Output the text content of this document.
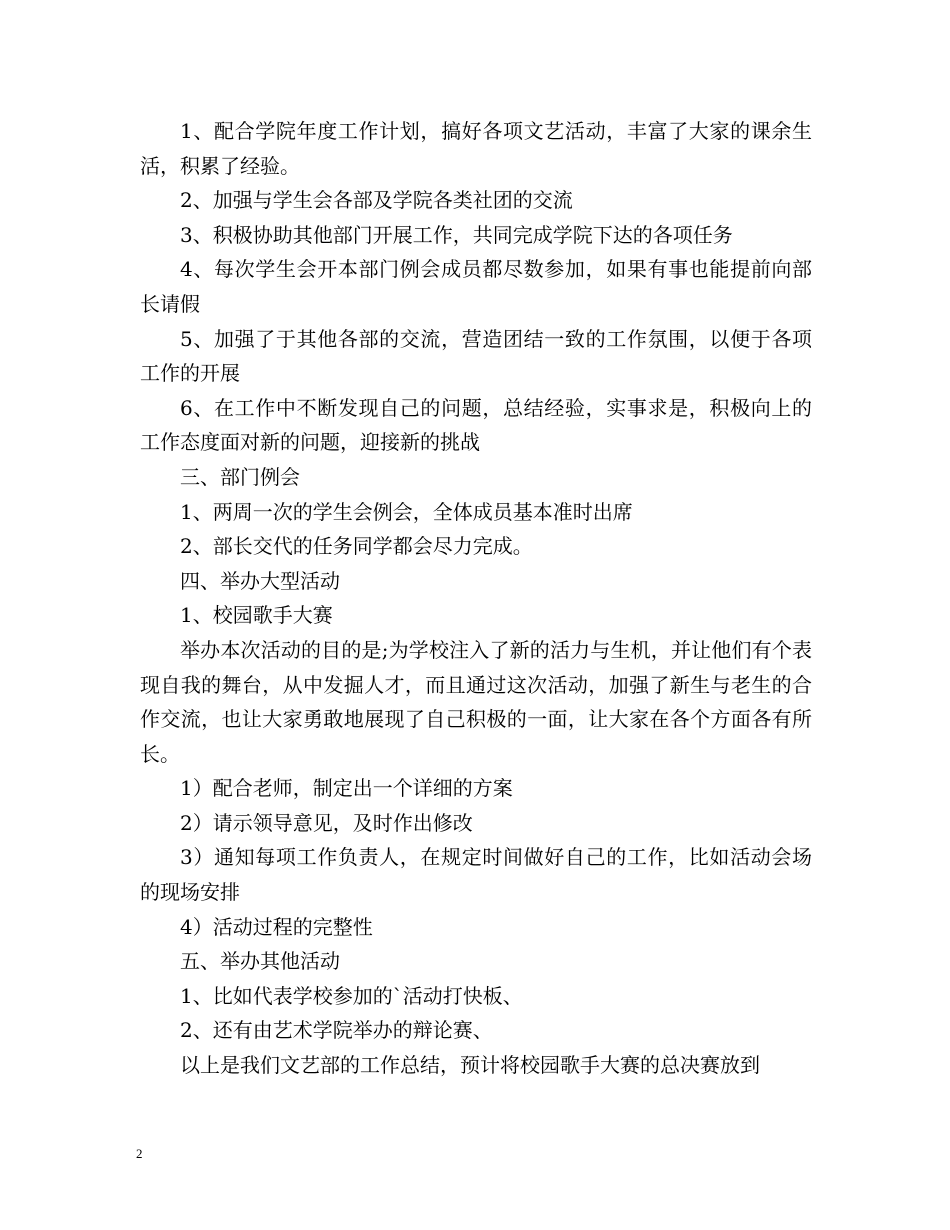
1、配合学院年度工作计划，搞好各项文艺活动，丰富了大家的课余生活，积累了经验。

2、加强与学生会各部及学院各类社团的交流

3、积极协助其他部门开展工作，共同完成学院下达的各项任务

4、每次学生会开本部门例会成员都尽数参加，如果有事也能提前向部长请假

5、加强了于其他各部的交流，营造团结一致的工作氛围，以便于各项工作的开展

6、在工作中不断发现自己的问题，总结经验，实事求是，积极向上的工作态度面对新的问题，迎接新的挑战

三、部门例会

1、两周一次的学生会例会，全体成员基本准时出席

2、部长交代的任务同学都会尽力完成。

四、举办大型活动

1、校园歌手大赛

举办本次活动的目的是;为学校注入了新的活力与生机，并让他们有个表现自我的舞台，从中发掘人才，而且通过这次活动，加强了新生与老生的合作交流，也让大家勇敢地展现了自己积极的一面，让大家在各个方面各有所长。

1）配合老师，制定出一个详细的方案

2）请示领导意见，及时作出修改

3）通知每项工作负责人，在规定时间做好自己的工作，比如活动会场的现场安排

4）活动过程的完整性

五、举办其他活动

1、比如代表学校参加的`活动打快板、

2、还有由艺术学院举办的辩论赛、

以上是我们文艺部的工作总结，预计将校园歌手大赛的总决赛放到

2
